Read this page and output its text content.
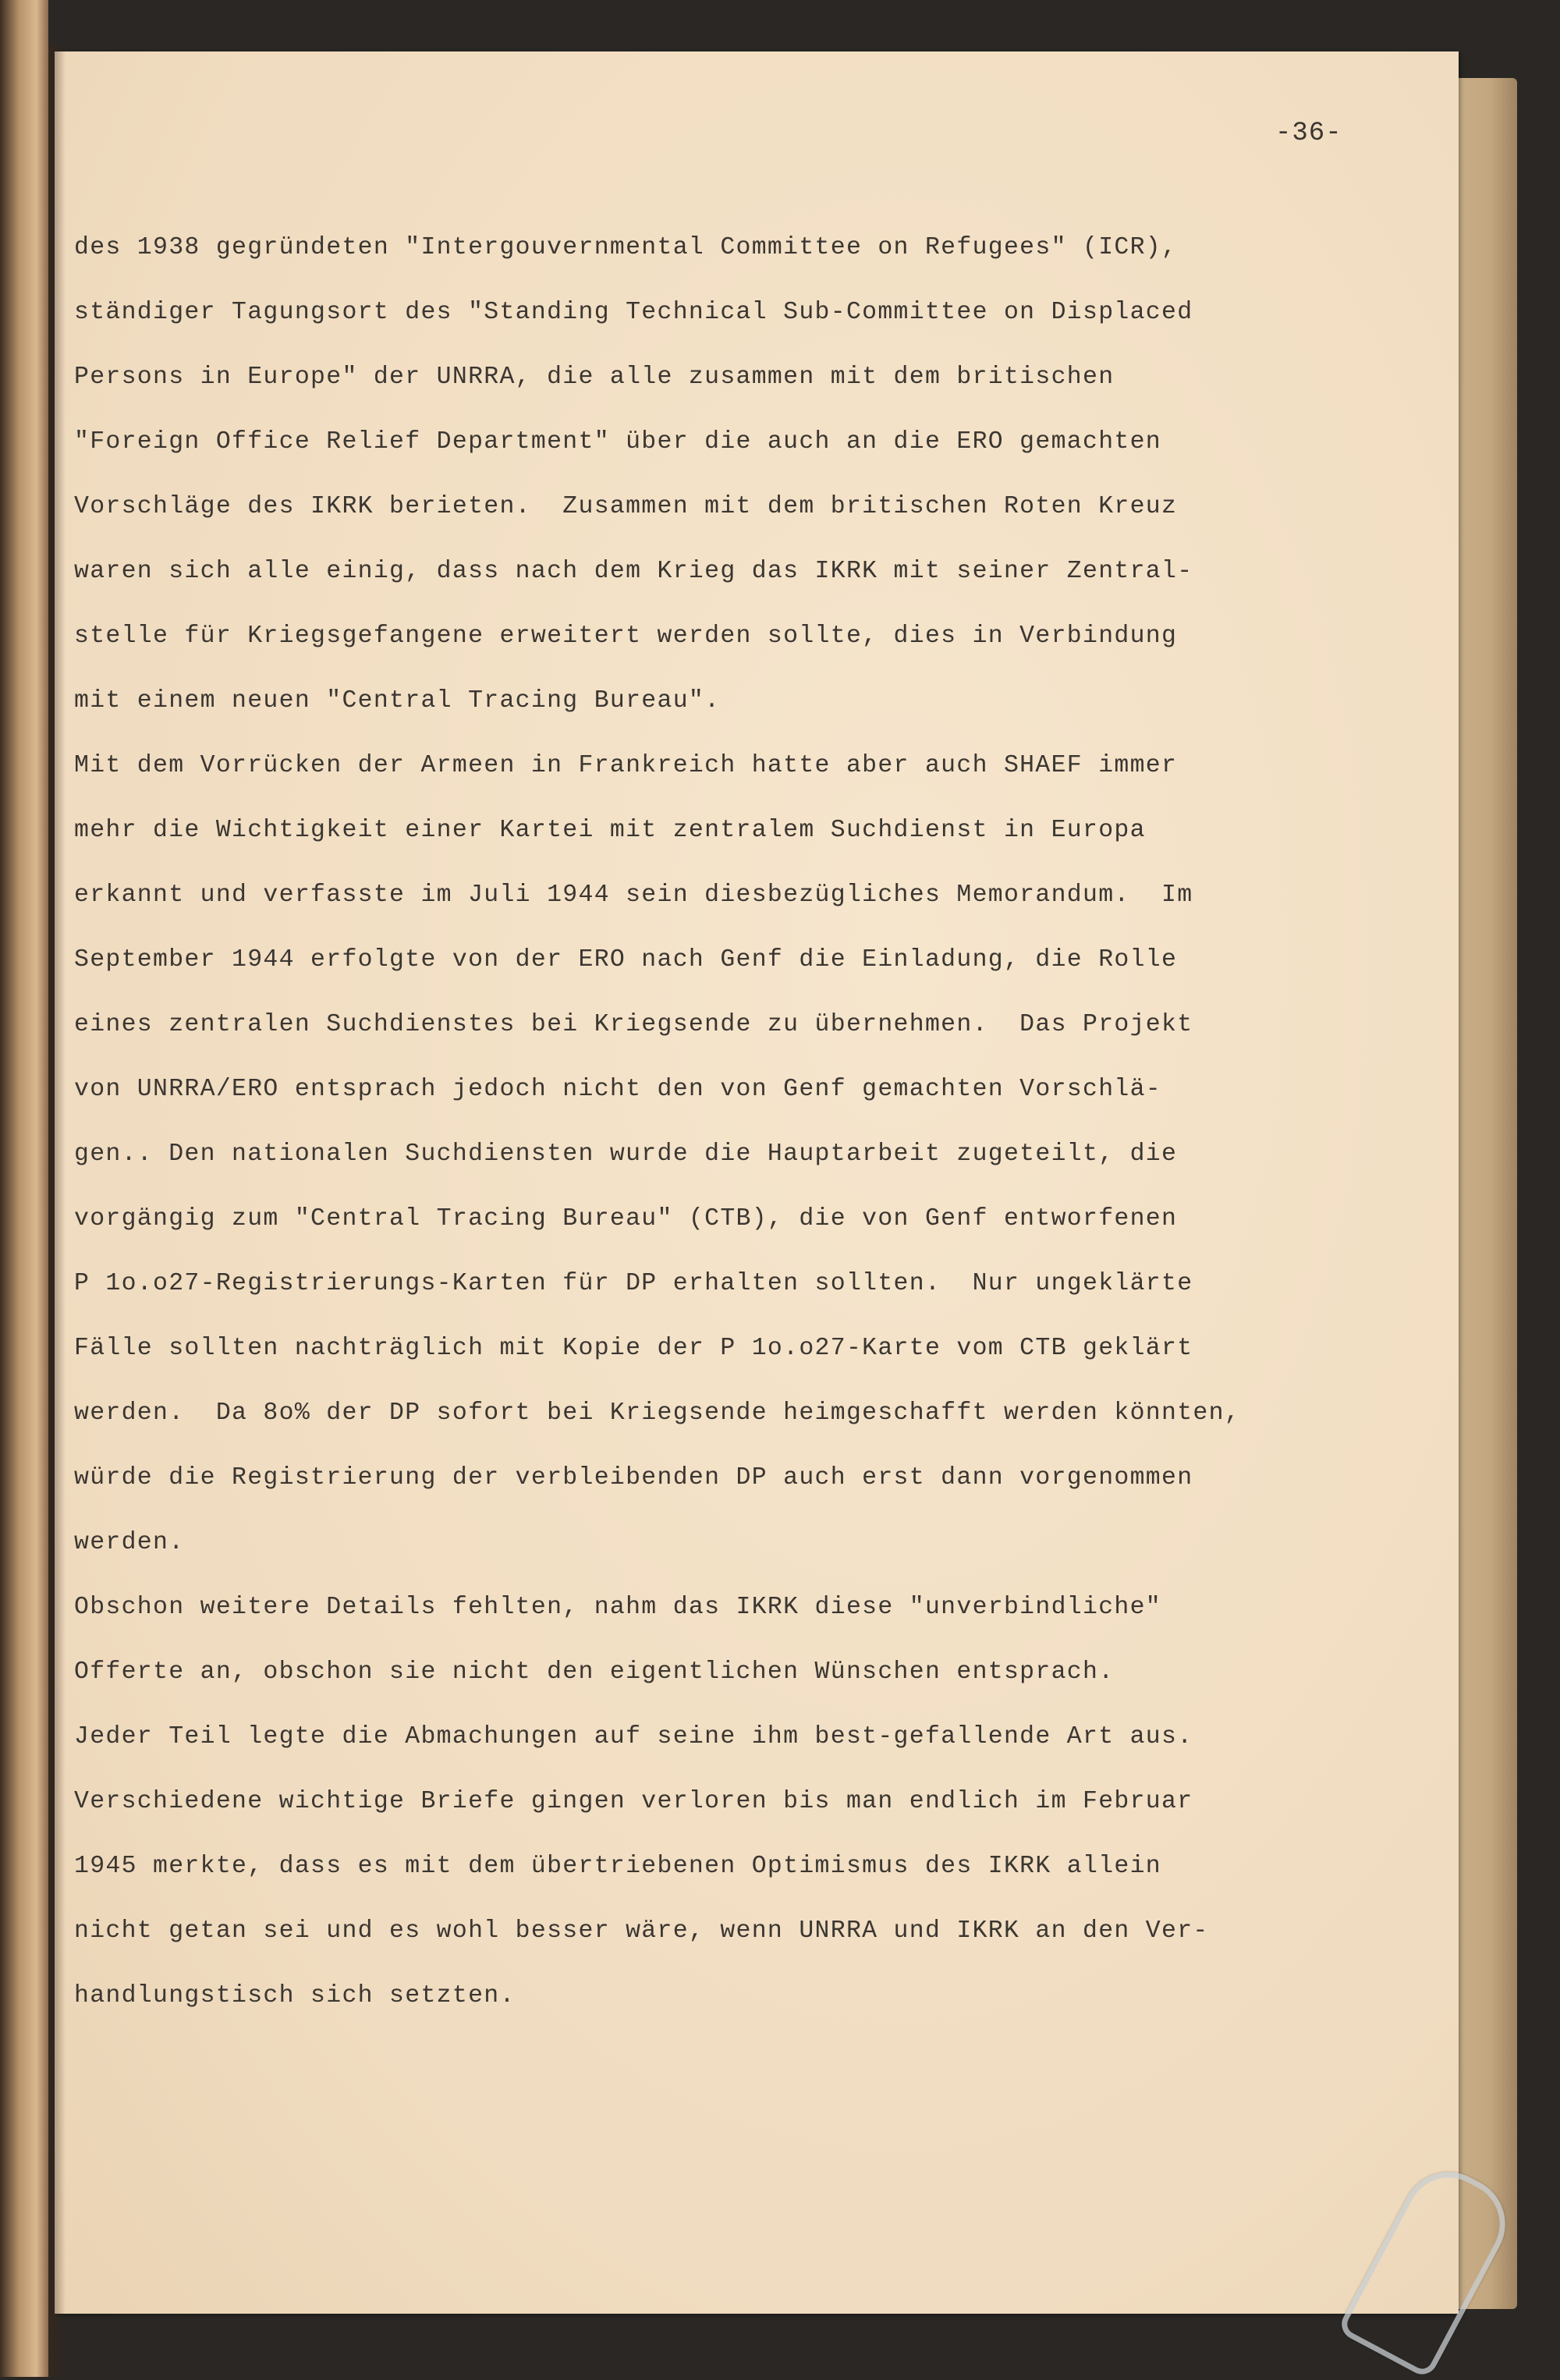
-36-
des 1938 gegründeten "Intergouvernmental Committee on Refugees" (ICR),
ständiger Tagungsort des "Standing Technical Sub-Committee on Displaced
Persons in Europe" der UNRRA, die alle zusammen mit dem britischen
"Foreign Office Relief Department" über die auch an die ERO gemachten
Vorschläge des IKRK berieten.  Zusammen mit dem britischen Roten Kreuz
waren sich alle einig, dass nach dem Krieg das IKRK mit seiner Zentral-
stelle für Kriegsgefangene erweitert werden sollte, dies in Verbindung
mit einem neuen "Central Tracing Bureau".
Mit dem Vorrücken der Armeen in Frankreich hatte aber auch SHAEF immer
mehr die Wichtigkeit einer Kartei mit zentralem Suchdienst in Europa
erkannt und verfasste im Juli 1944 sein diesbezügliches Memorandum.  Im
September 1944 erfolgte von der ERO nach Genf die Einladung, die Rolle
eines zentralen Suchdienstes bei Kriegsende zu übernehmen.  Das Projekt
von UNRRA/ERO entsprach jedoch nicht den von Genf gemachten Vorschlä-
gen.. Den nationalen Suchdiensten wurde die Hauptarbeit zugeteilt, die
vorgängig zum "Central Tracing Bureau" (CTB), die von Genf entworfenen
P 1o.o27-Registrierungs-Karten für DP erhalten sollten.  Nur ungeklärte
Fälle sollten nachträglich mit Kopie der P 1o.o27-Karte vom CTB geklärt
werden.  Da 8o% der DP sofort bei Kriegsende heimgeschafft werden könnten,
würde die Registrierung der verbleibenden DP auch erst dann vorgenommen
werden.
Obschon weitere Details fehlten, nahm das IKRK diese "unverbindliche"
Offerte an, obschon sie nicht den eigentlichen Wünschen entsprach.
Jeder Teil legte die Abmachungen auf seine ihm best-gefallende Art aus.
Verschiedene wichtige Briefe gingen verloren bis man endlich im Februar
1945 merkte, dass es mit dem übertriebenen Optimismus des IKRK allein
nicht getan sei und es wohl besser wäre, wenn UNRRA und IKRK an den Ver-
handlungstisch sich setzten.
